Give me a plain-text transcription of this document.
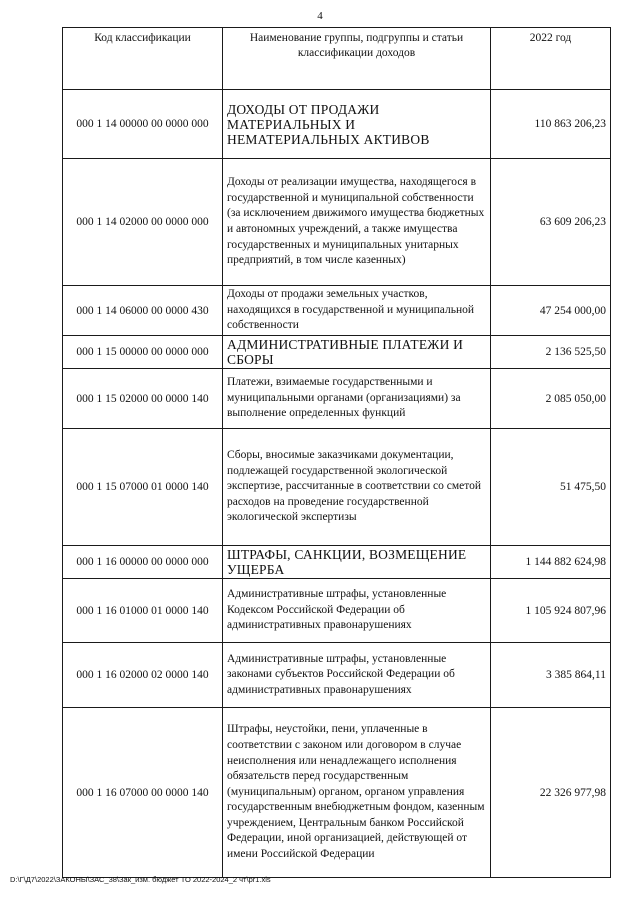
4
Код классификации	Наименование группы, подгруппы и статьи классификации доходов	2022 год
000 1 14 00000 00 0000 000	ДОХОДЫ ОТ ПРОДАЖИ МАТЕРИАЛЬНЫХ И НЕМАТЕРИАЛЬНЫХ АКТИВОВ	110 863 206,23
000 1 14 02000 00 0000 000	Доходы от реализации имущества, находящегося в государственной и муниципальной собственности (за исключением движимого имущества бюджетных и автономных учреждений, а также имущества государственных и муниципальных унитарных предприятий, в том числе казенных)	63 609 206,23
000 1 14 06000 00 0000 430	Доходы от продажи земельных участков, находящихся в государственной и муниципальной собственности	47 254 000,00
000 1 15 00000 00 0000 000	АДМИНИСТРАТИВНЫЕ ПЛАТЕЖИ И СБОРЫ	2 136 525,50
000 1 15 02000 00 0000 140	Платежи, взимаемые государственными и муниципальными органами (организациями) за выполнение определенных функций	2 085 050,00
000 1 15 07000 01 0000 140	Сборы, вносимые заказчиками документации, подлежащей государственной экологической экспертизе, рассчитанные в соответствии со сметой расходов на проведение государственной экологической экспертизы	51 475,50
000 1 16 00000 00 0000 000	ШТРАФЫ, САНКЦИИ, ВОЗМЕЩЕНИЕ УЩЕРБА	1 144 882 624,98
000 1 16 01000 01 0000 140	Административные штрафы, установленные Кодексом Российской Федерации об административных правонарушениях	1 105 924 807,96
000 1 16 02000 02 0000 140	Административные штрафы, установленные законами субъектов Российской Федерации об административных правонарушениях	3 385 864,11
000 1 16 07000 00 0000 140	Штрафы, неустойки, пени, уплаченные в соответствии с законом или договором в случае неисполнения или ненадлежащего исполнения обязательств перед государственным (муниципальным) органом, органом управления государственным внебюджетным фондом, казенным учреждением, Центральным банком Российской Федерации, иной организацией, действующей от имени Российской Федерации	22 326 977,98
D:\Г\Д7\2022\ЗАКОНЫ\ЗАС_38\Зак_изм. бюджет ТО 2022-2024_2 чт\pr1.xls
